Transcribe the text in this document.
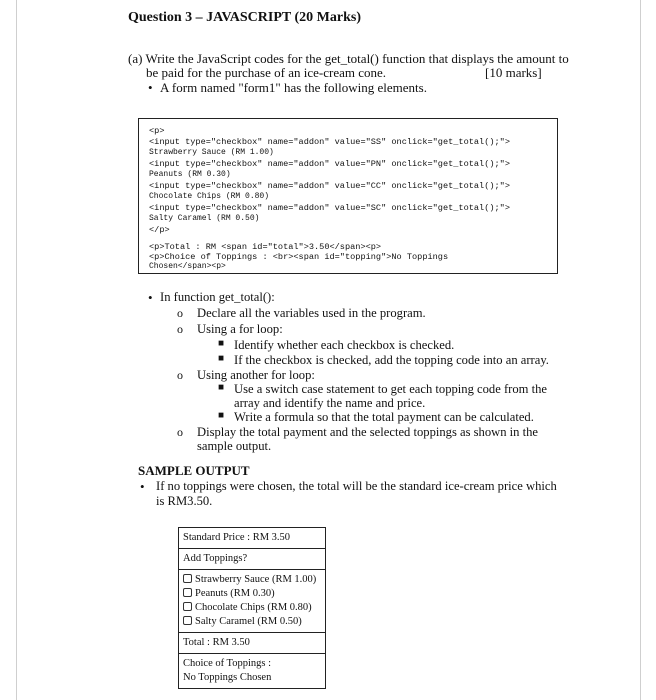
Question 3 – JAVASCRIPT (20 Marks)
(a) Write the JavaScript codes for the get_total() function that displays the amount to
be paid for the purchase of an ice-cream cone.	[10 marks]
• A form named "form1" has the following elements.
<p>
<input type="checkbox" name="addon" value="SS" onclick="get_total();">
Strawberry Sauce (RM 1.00)
<input type="checkbox" name="addon" value="PN" onclick="get_total();">
Peanuts (RM 0.30)
<input type="checkbox" name="addon" value="CC" onclick="get_total();">
Chocolate Chips (RM 0.80)
<input type="checkbox" name="addon" value="SC" onclick="get_total();">
Salty Caramel (RM 0.50)
</p>
<p>Total : RM <span id="total">3.50</span><p>
<p>Choice of Toppings : <br><span id="topping">No Toppings
Chosen</span><p>
• In function get_total():
o Declare all the variables used in the program.
o Using a for loop:
■ Identify whether each checkbox is checked.
■ If the checkbox is checked, add the topping code into an array.
o Using another for loop:
■ Use a switch case statement to get each topping code from the
array and identify the name and price.
■ Write a formula so that the total payment can be calculated.
o Display the total payment and the selected toppings as shown in the
sample output.
SAMPLE OUTPUT
• If no toppings were chosen, the total will be the standard ice-cream price which
is RM3.50.
Standard Price : RM 3.50
Add Toppings?
Strawberry Sauce (RM 1.00)
Peanuts (RM 0.30)
Chocolate Chips (RM 0.80)
Salty Caramel (RM 0.50)
Total : RM 3.50
Choice of Toppings :
No Toppings Chosen
